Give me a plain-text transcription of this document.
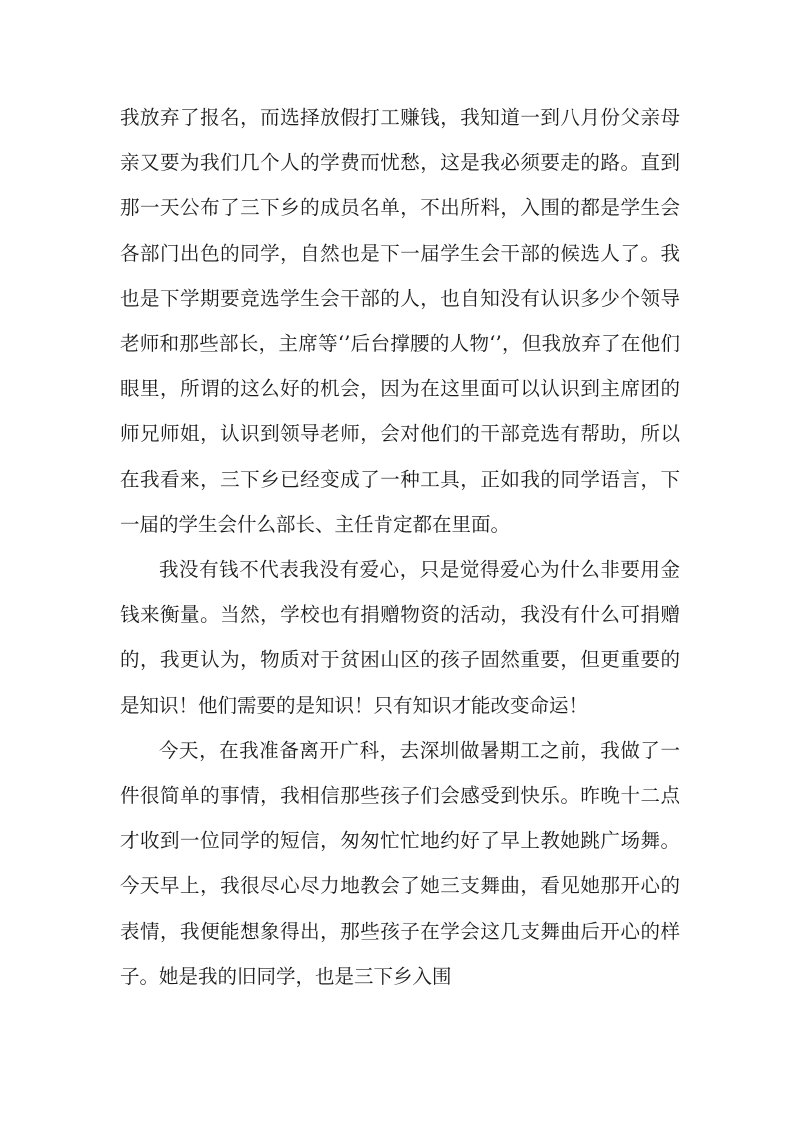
我放弃了报名，而选择放假打工赚钱，我知道一到八月份父亲母亲又要为我们几个人的学费而忧愁，这是我必须要走的路。直到那一天公布了三下乡的成员名单，不出所料，入围的都是学生会各部门出色的同学，自然也是下一届学生会干部的候选人了。我也是下学期要竞选学生会干部的人，也自知没有认识多少个领导老师和那些部长，主席等‘’后台撑腰的人物‘’，但我放弃了在他们眼里，所谓的这么好的机会，因为在这里面可以认识到主席团的师兄师姐，认识到领导老师，会对他们的干部竞选有帮助，所以在我看来，三下乡已经变成了一种工具，正如我的同学语言，下一届的学生会什么部长、主任肯定都在里面。

我没有钱不代表我没有爱心，只是觉得爱心为什么非要用金钱来衡量。当然，学校也有捐赠物资的活动，我没有什么可捐赠的，我更认为，物质对于贫困山区的孩子固然重要，但更重要的是知识！他们需要的是知识！只有知识才能改变命运！

今天，在我准备离开广科，去深圳做暑期工之前，我做了一件很简单的事情，我相信那些孩子们会感受到快乐。昨晚十二点才收到一位同学的短信，匆匆忙忙地约好了早上教她跳广场舞。今天早上，我很尽心尽力地教会了她三支舞曲，看见她那开心的表情，我便能想象得出，那些孩子在学会这几支舞曲后开心的样子。她是我的旧同学，也是三下乡入围
